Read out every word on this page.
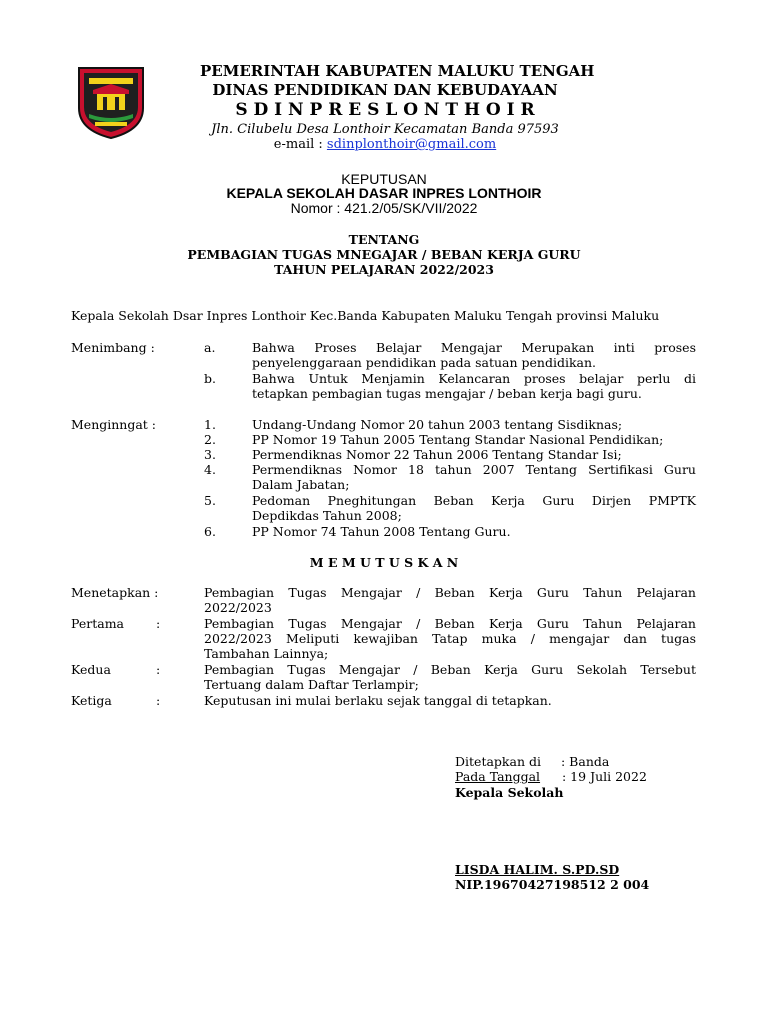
PEMERINTAH KABUPATEN MALUKU TENGAH
DINAS PENDIDIKAN DAN KEBUDAYAAN
S D I N P R E S L O N T H O I R
Jln. Cilubelu Desa Lonthoir Kecamatan Banda 97593
e-mail : sdinplonthoir@gmail.com
KEPUTUSAN
KEPALA SEKOLAH DASAR INPRES LONTHOIR
Nomor : 421.2/05/SK/VII/2022
TENTANG
PEMBAGIAN TUGAS MNEGAJAR / BEBAN KERJA GURU
TAHUN PELAJARAN 2022/2023
Kepala Sekolah Dsar Inpres Lonthoir Kec.Banda Kabupaten Maluku Tengah provinsi Maluku
Menimbang :	a.	Bahwa Proses Belajar Mengajar Merupakan inti proses
penyelenggaraan pendidikan pada satuan pendidikan.
b.	Bahwa Untuk Menjamin Kelancaran proses belajar perlu di
tetapkan pembagian tugas mengajar / beban kerja bagi guru.
Menginngat :	1.	Undang-Undang Nomor 20 tahun 2003 tentang Sisdiknas;
2.	PP Nomor 19 Tahun 2005 Tentang Standar Nasional Pendidikan;
3.	Permendiknas Nomor 22 Tahun 2006 Tentang Standar Isi;
4.	Permendiknas Nomor 18 tahun 2007 Tentang Sertifikasi Guru
Dalam Jabatan;
5.	Pedoman Pneghitungan Beban Kerja Guru Dirjen PMPTK
Depdikdas Tahun 2008;
6.	PP Nomor 74 Tahun 2008 Tentang Guru.
M E M U T U S K A N
Menetapkan :	Pembagian Tugas Mengajar / Beban Kerja Guru Tahun Pelajaran
2022/2023
Pertama	:	Pembagian Tugas Mengajar / Beban Kerja Guru Tahun Pelajaran
2022/2023 Meliputi kewajiban Tatap muka / mengajar dan tugas
Tambahan Lainnya;
Kedua	:	Pembagian Tugas Mengajar / Beban Kerja Guru Sekolah Tersebut
Tertuang dalam Daftar Terlampir;
Ketiga	:	Keputusan ini mulai berlaku sejak tanggal di tetapkan.
Ditetapkan di : Banda
Pada Tanggal : 19 Juli 2022
Kepala Sekolah
LISDA HALIM. S.PD.SD
NIP.19670427198512 2 004
